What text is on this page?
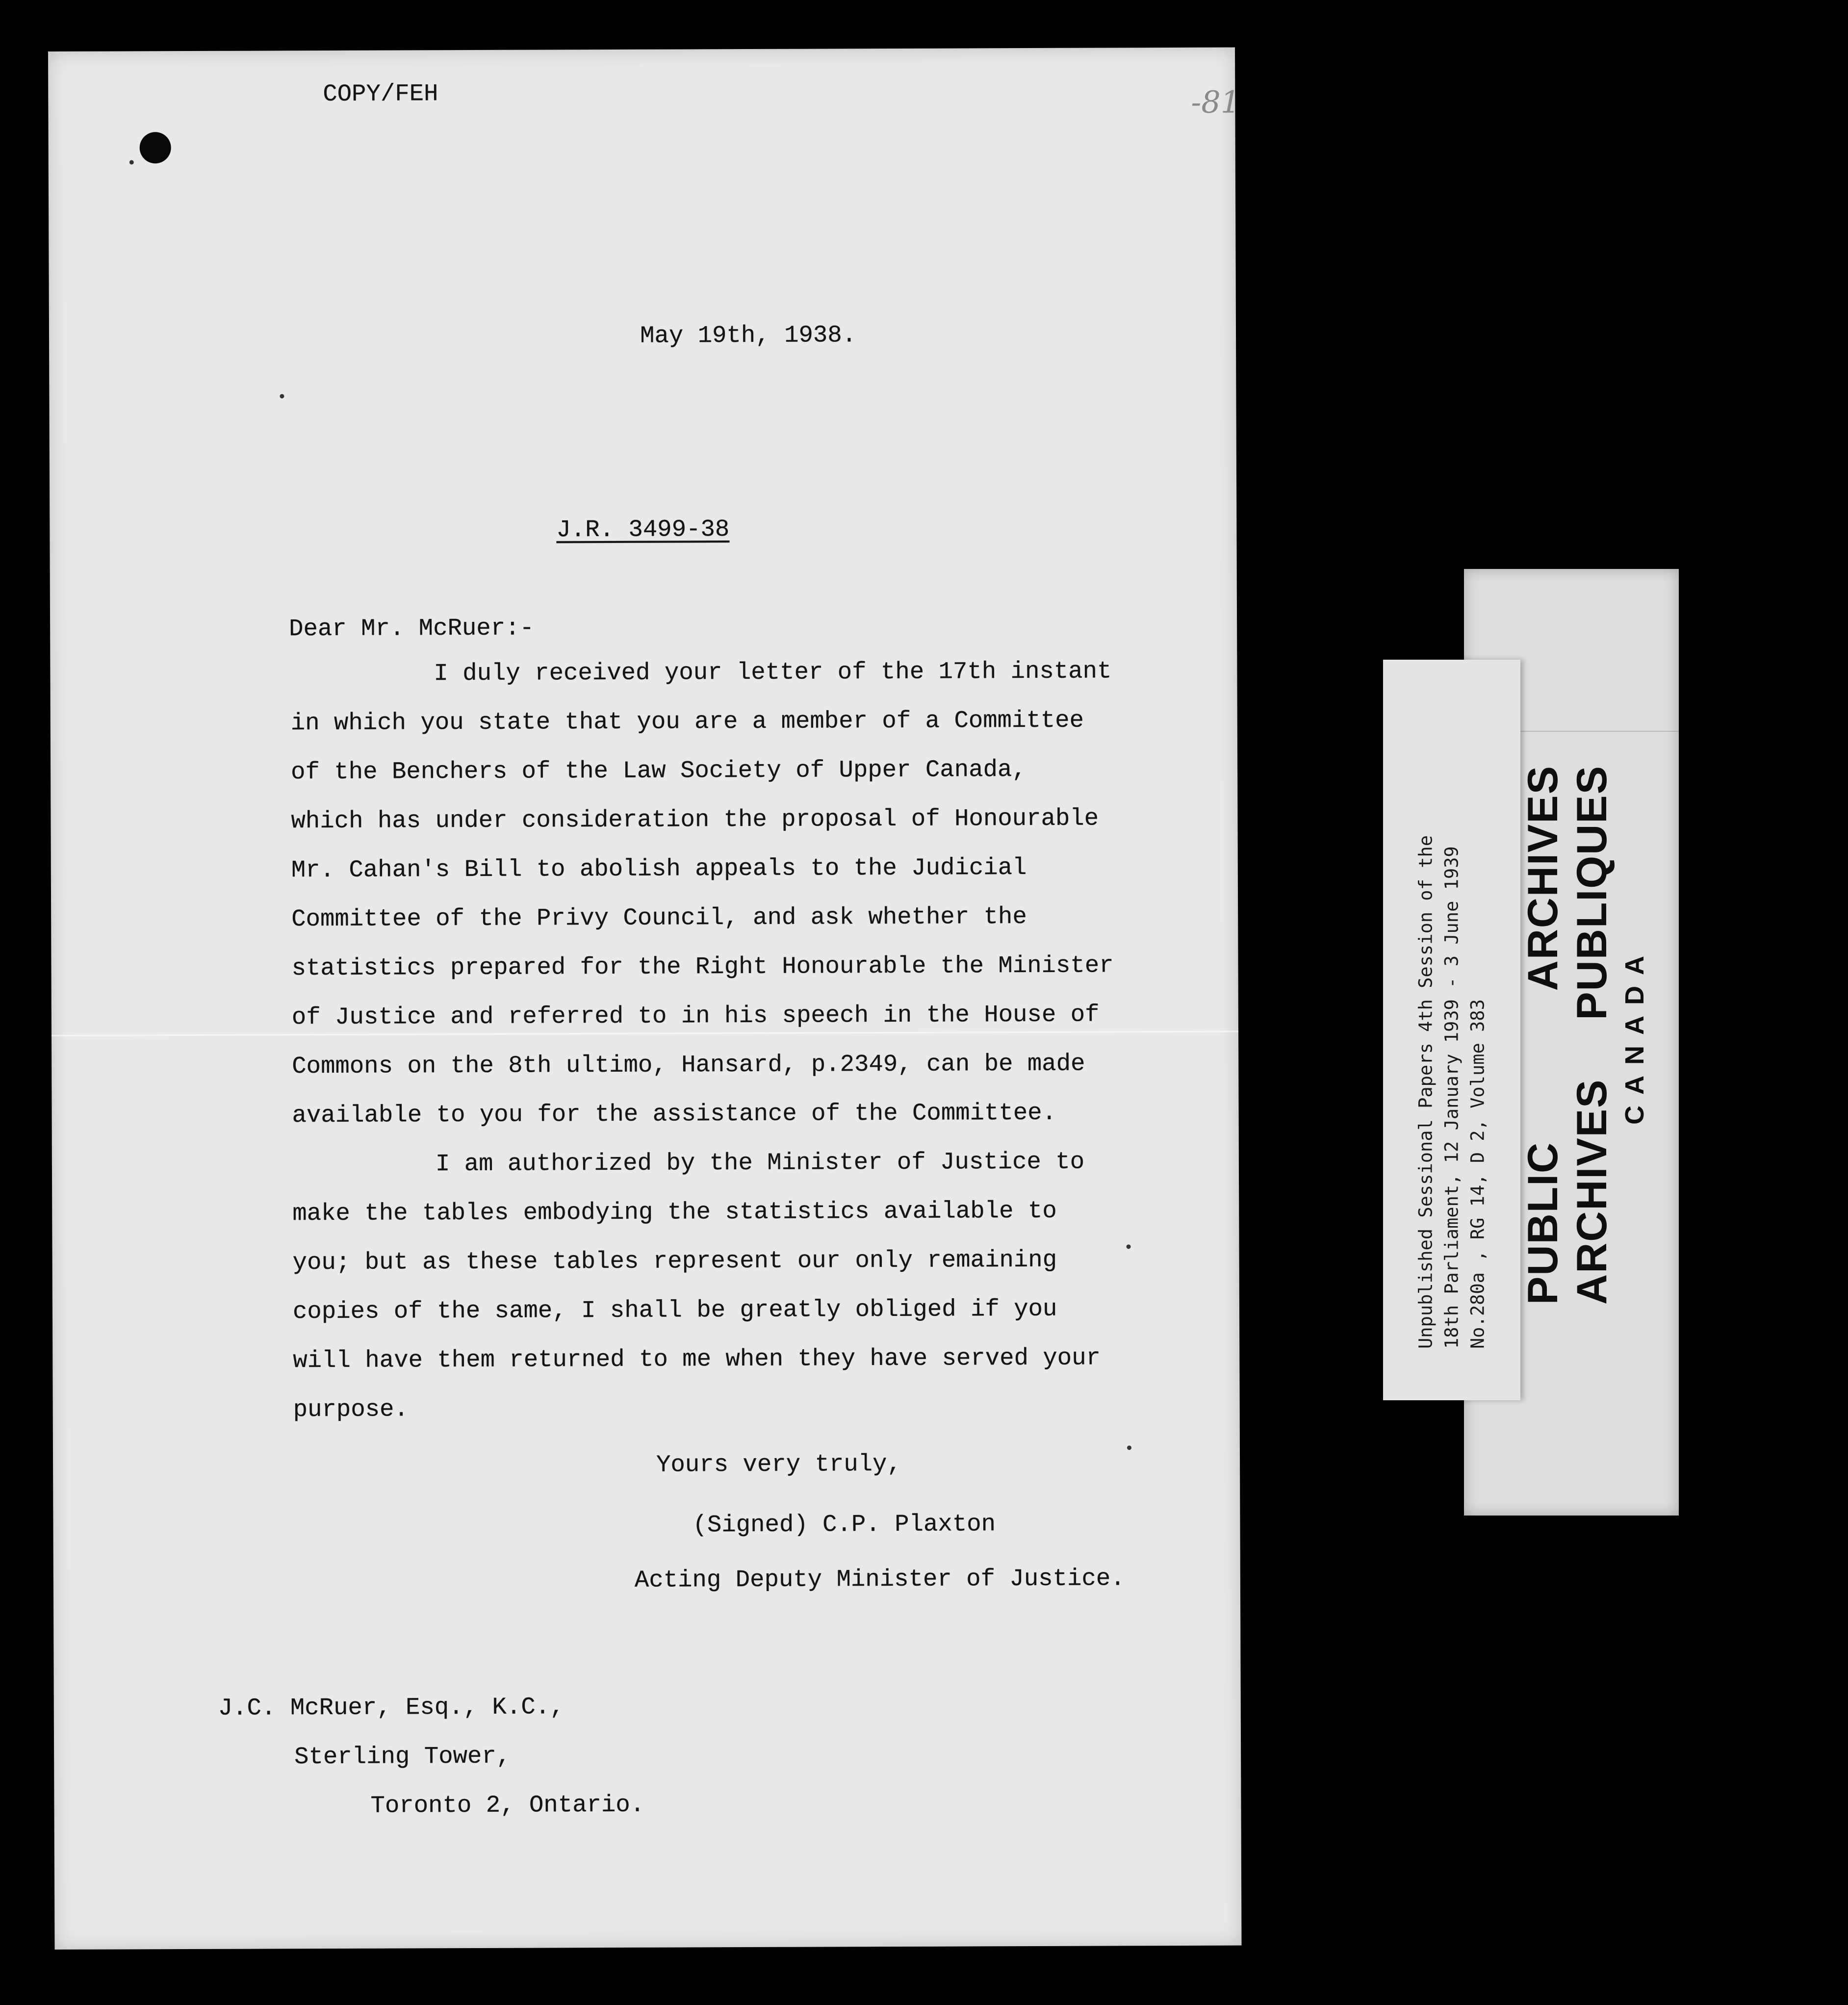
COPY/FEH	-81
May 19th, 1938.
J.R. 3499-38
Dear Mr. McRuer:-
I duly received your letter of the 17th instant
in which you state that you are a member of a Committee
of the Benchers of the Law Society of Upper Canada,
which has under consideration the proposal of Honourable
Mr. Cahan's Bill to abolish appeals to the Judicial
Committee of the Privy Council, and ask whether the
statistics prepared for the Right Honourable the Minister
of Justice and referred to in his speech in the House of
Commons on the 8th ultimo, Hansard, p.2349, can be made
available to you for the assistance of the Committee.
I am authorized by the Minister of Justice to
make the tables embodying the statistics available to
you; but as these tables represent our only remaining
copies of the same, I shall be greatly obliged if you
will have them returned to me when they have served your
purpose.
Yours very truly,
(Signed) C.P. Plaxton
Acting Deputy Minister of Justice.
J.C. McRuer, Esq., K.C.,
Sterling Tower,
Toronto 2, Ontario.
Unpublished Sessional Papers 4th Session of the 18th Parliament, 12 January 1939 - 3 June 1939 No.280a , RG 14, D 2, Volume 383 PUBLIC
ARCHIVES
ARCHIVES
PUBLIQUES
CANADA
